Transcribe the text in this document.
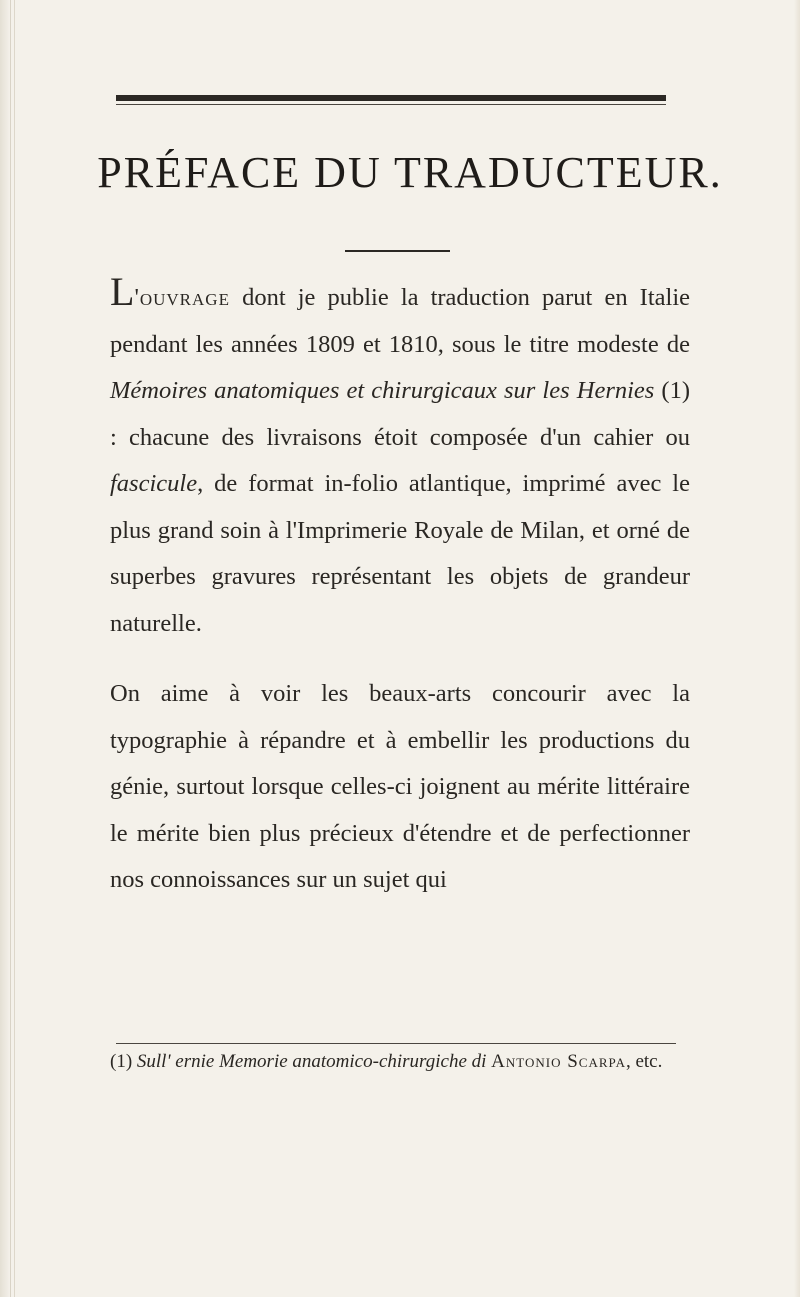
PRÉFACE DU TRADUCTEUR.

L'ouvrage dont je publie la traduction parut en Italie pendant les années 1809 et 1810, sous le titre modeste de Mémoires anatomiques et chirurgicaux sur les Hernies (1) : chacune des livraisons étoit composée d'un cahier ou fascicule, de format in-folio atlantique, imprimé avec le plus grand soin à l'Imprimerie Royale de Milan, et orné de superbes gravures représentant les objets de grandeur naturelle.

On aime à voir les beaux-arts concourir avec la typographie à répandre et à embellir les productions du génie, surtout lorsque celles-ci joignent au mérite littéraire le mérite bien plus précieux d'étendre et de perfectionner nos connoissances sur un sujet qui

(1) Sull' ernie Memorie anatomico-chirurgiche di Antonio Scarpa, etc.
